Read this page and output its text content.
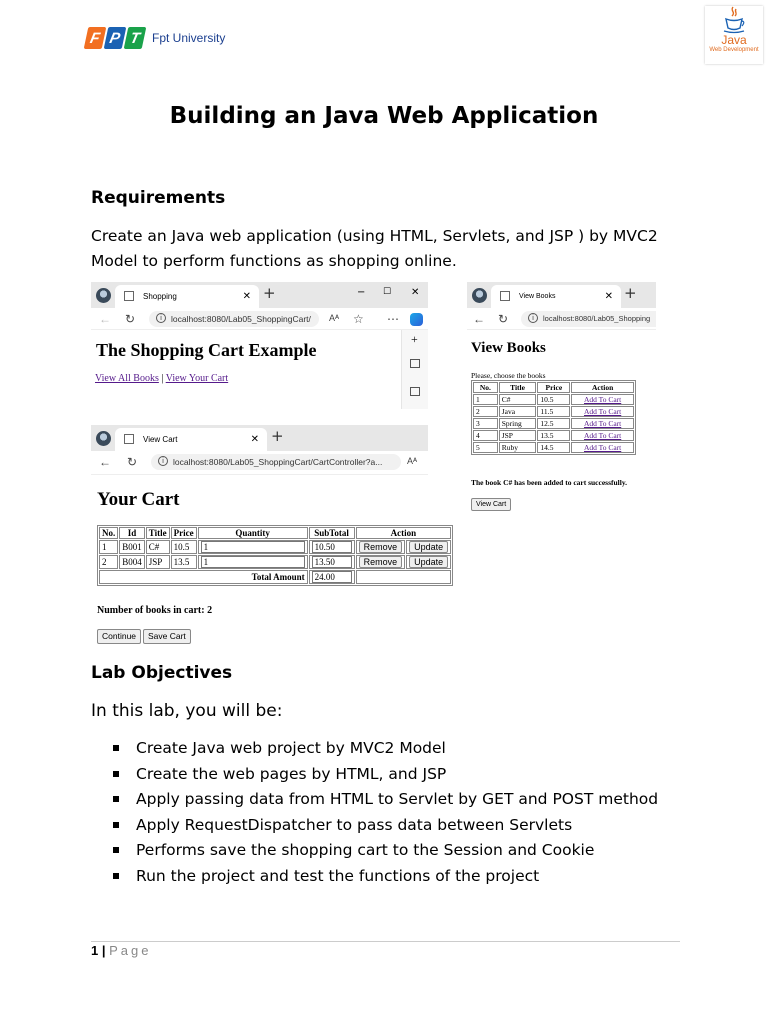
F P T Fpt University	Java
Web Development
Building an Java Web Application
Requirements

Create an Java web application (using HTML, Servlets, and JSP ) by MVC2 Model to perform functions as shopping online.

Shopping	✕ +	− ☐ ✕
← ↻	i	localhost:8080/Lab05_ShoppingCart/	Aᴬ ☆ ⋯
The Shopping Cart Example
View All Books | View Your Cart
+
View Books	✕ +
← ↻	i	localhost:8080/Lab05_Shopping
View Books
Please, choose the books
No.	Title	Price	Action
1	C#	10.5	Add To Cart
2	Java	11.5	Add To Cart
3	Spring	12.5	Add To Cart
4	JSP	13.5	Add To Cart
5	Ruby	14.5	Add To Cart
The book C# has been added to cart successfully.
View Cart
View Cart	✕ +
← ↻	i	localhost:8080/Lab05_ShoppingCart/CartController?a...	Aᴬ
Your Cart
No.	Id	Title	Price	Quantity	SubTotal	Action	
1	B001	C#	10.5	1	10.50	Remove	Update
2	B004	JSP	13.5	1	13.50	Remove	Update
Total Amount					24.00		
Number of books in cart: 2
Continue	Save Cart
Lab Objectives

In this lab, you will be:

Create Java web project by MVC2 Model
Create the web pages by HTML, and JSP
Apply passing data from HTML to Servlet by GET and POST method
Apply RequestDispatcher to pass data between Servlets
Performs save the shopping cart to the Session and Cookie
Run the project and test the functions of the project
1 | Page
